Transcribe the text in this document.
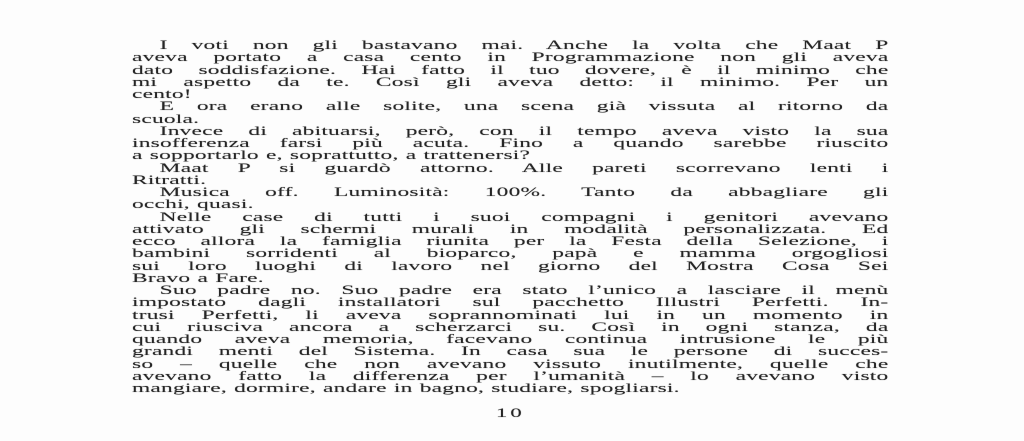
I voti non gli bastavano mai. Anche la volta che Maat P
aveva portato a casa cento in Programmazione non gli aveva
dato soddisfazione. Hai fatto il tuo dovere, è il minimo che
mi aspetto da te. Così gli aveva detto: il minimo. Per un
cento!
E ora erano alle solite, una scena già vissuta al ritorno da
scuola.
Invece di abituarsi, però, con il tempo aveva visto la sua
insofferenza farsi più acuta. Fino a quando sarebbe riuscito
a sopportarlo e, soprattutto, a trattenersi?
Maat P si guardò attorno. Alle pareti scorrevano lenti i
Ritratti.
Musica off. Luminosità: 100%. Tanto da abbagliare gli
occhi, quasi.
Nelle case di tutti i suoi compagni i genitori avevano
attivato gli schermi murali in modalità personalizzata. Ed
ecco allora la famiglia riunita per la Festa della Selezione, i
bambini sorridenti al bioparco, papà e mamma orgogliosi
sui loro luoghi di lavoro nel giorno del Mostra Cosa Sei
Bravo a Fare.
Suo padre no. Suo padre era stato l’unico a lasciare il menù
impostato dagli installatori sul pacchetto Illustri Perfetti. In-
trusi Perfetti, li aveva soprannominati lui in un momento in
cui riusciva ancora a scherzarci su. Così in ogni stanza, da
quando aveva memoria, facevano continua intrusione le più
grandi menti del Sistema. In casa sua le persone di succes-
so – quelle che non avevano vissuto inutilmente, quelle che
avevano fatto la differenza per l’umanità – lo avevano visto
mangiare, dormire, andare in bagno, studiare, spogliarsi.
10
